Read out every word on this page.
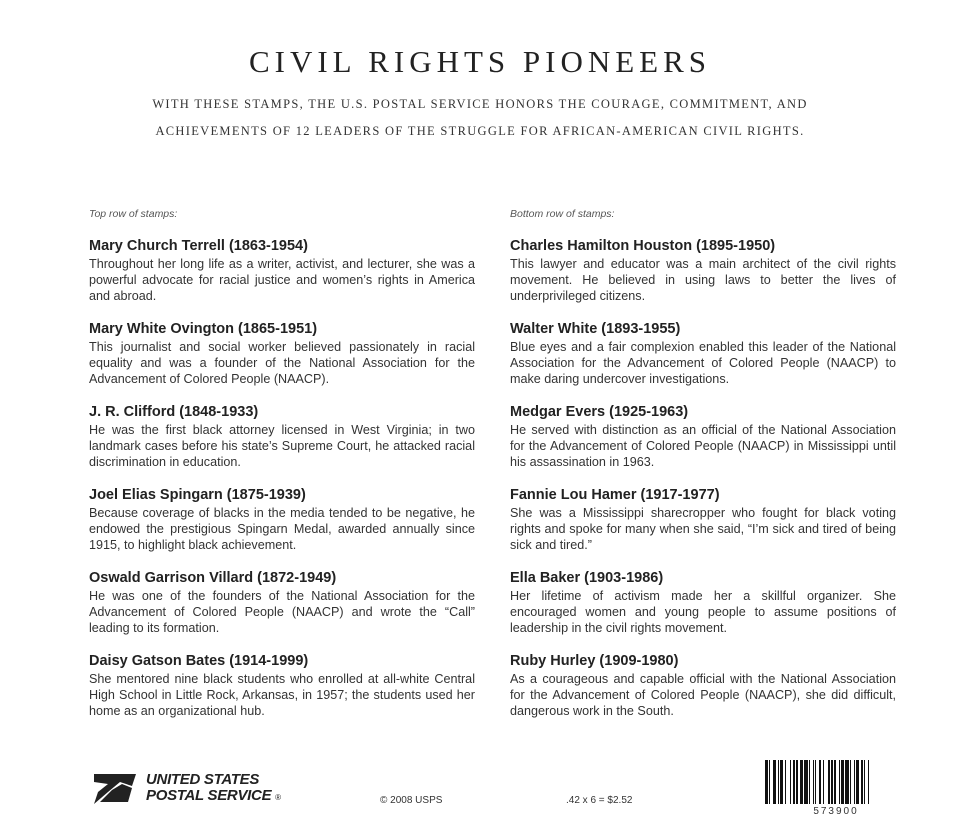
CIVIL RIGHTS PIONEERS
WITH THESE STAMPS, THE U.S. POSTAL SERVICE HONORS THE COURAGE, COMMITMENT, AND
ACHIEVEMENTS OF 12 LEADERS OF THE STRUGGLE FOR AFRICAN-AMERICAN CIVIL RIGHTS.
Top row of stamps:
Mary Church Terrell (1863-1954)

Throughout her long life as a writer, activist, and lecturer, she was a powerful advocate for racial justice and women’s rights in America and abroad.

Mary White Ovington (1865-1951)

This journalist and social worker believed passionately in racial equality and was a founder of the National Association for the Advancement of Colored People (NAACP).

J. R. Clifford (1848-1933)

He was the first black attorney licensed in West Virginia; in two landmark cases before his state’s Supreme Court, he attacked racial discrimination in education.

Joel Elias Spingarn (1875-1939)

Because coverage of blacks in the media tended to be negative, he endowed the prestigious Spingarn Medal, awarded annually since 1915, to highlight black achievement.

Oswald Garrison Villard (1872-1949)

He was one of the founders of the National Association for the Advancement of Colored People (NAACP) and wrote the “Call” leading to its formation.

Daisy Gatson Bates (1914-1999)

She mentored nine black students who enrolled at all-white Central High School in Little Rock, Arkansas, in 1957; the students used her home as an organizational hub.

Bottom row of stamps:
Charles Hamilton Houston (1895-1950)

This lawyer and educator was a main architect of the civil rights movement. He believed in using laws to better the lives of underprivileged citizens.

Walter White (1893-1955)

Blue eyes and a fair complexion enabled this leader of the National Association for the Advancement of Colored People (NAACP) to make daring undercover investigations.

Medgar Evers (1925-1963)

He served with distinction as an official of the National Association for the Advancement of Colored People (NAACP) in Mississippi until his assassination in 1963.

Fannie Lou Hamer (1917-1977)

She was a Mississippi sharecropper who fought for black voting rights and spoke for many when she said, “I’m sick and tired of being sick and tired.”

Ella Baker (1903-1986)

Her lifetime of activism made her a skillful organizer. She encouraged women and young people to assume positions of leadership in the civil rights movement.

Ruby Hurley (1909-1980)

As a courageous and capable official with the National Association for the Advancement of Colored People (NAACP), she did difficult, dangerous work in the South.

UNITED STATES
POSTAL SERVICE ®	© 2008 USPS	.42 x 6 = $2.52
573900
